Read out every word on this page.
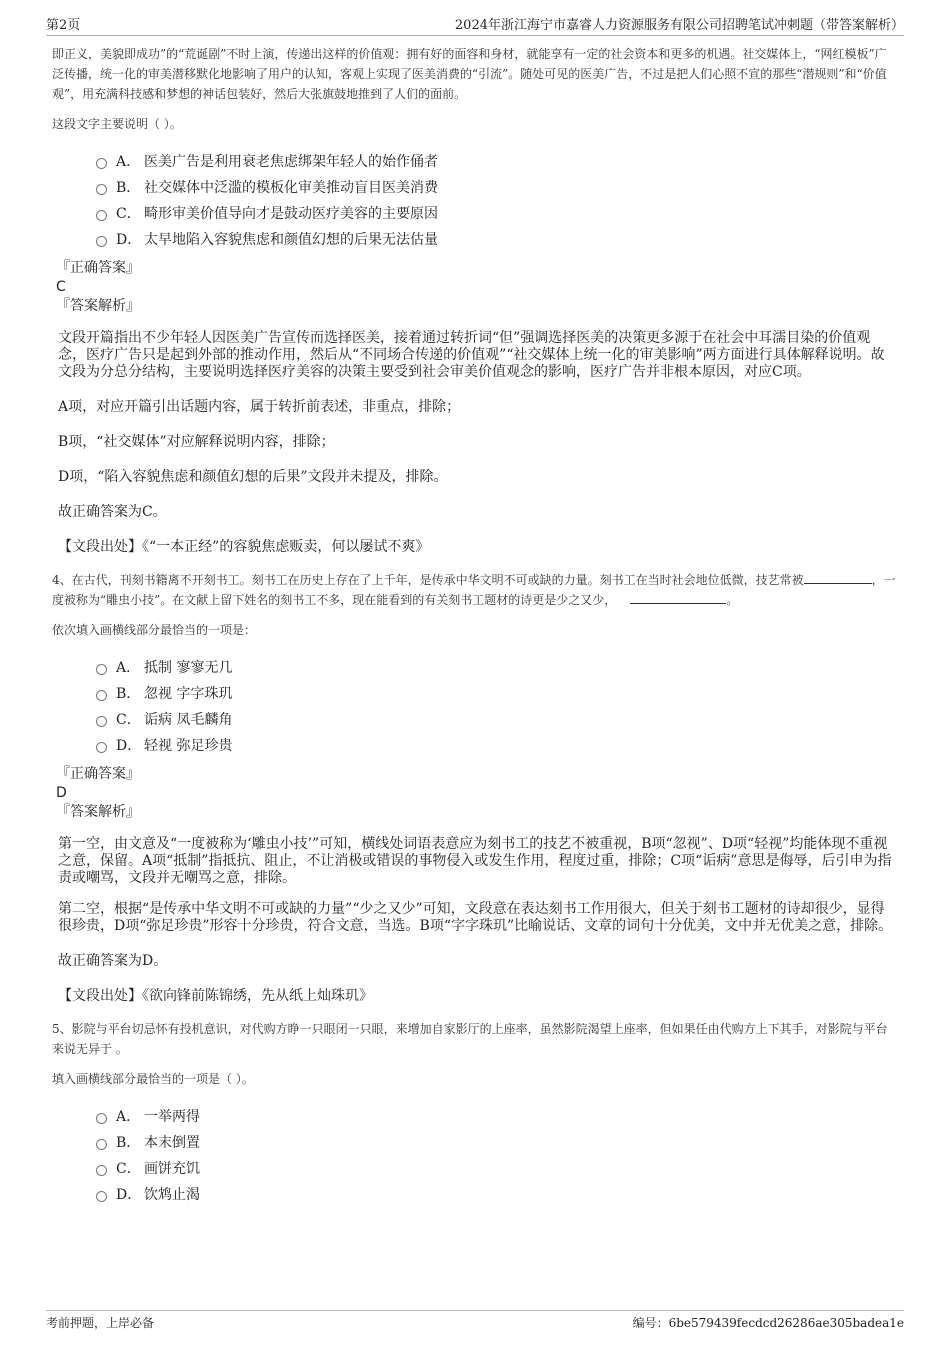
第2页	2024年浙江海宁市嘉睿人力资源服务有限公司招聘笔试冲刺题（带答案解析）

即正义，美貌即成功”的“荒诞剧”不时上演，传递出这样的价值观：拥有好的面容和身材，就能享有一定的社会资本和更多的机遇。社交媒体上，“网红模板”广泛传播，统一化的审美潜移默化地影响了用户的认知，客观上实现了医美消费的“引流”。随处可见的医美广告，不过是把人们心照不宣的那些“潜规则”和“价值观”，用充满科技感和梦想的神话包装好，然后大张旗鼓地推到了人们的面前。

这段文字主要说明（ ）。

A． 医美广告是利用衰老焦虑绑架年轻人的始作俑者
B． 社交媒体中泛滥的模板化审美推动盲目医美消费
C． 畸形审美价值导向才是鼓动医疗美容的主要原因
D． 太早地陷入容貌焦虑和颜值幻想的后果无法估量
『正确答案』
C
『答案解析』

文段开篇指出不少年轻人因医美广告宣传而选择医美，接着通过转折词“但”强调选择医美的决策更多源于在社会中耳濡目染的价值观念，医疗广告只是起到外部的推动作用，然后从“不同场合传递的价值观”“社交媒体上统一化的审美影响”两方面进行具体解释说明。故文段为分总分结构，主要说明选择医疗美容的决策主要受到社会审美价值观念的影响，医疗广告并非根本原因，对应C项。

A项，对应开篇引出话题内容，属于转折前表述，非重点，排除；

B项，“社交媒体”对应解释说明内容，排除；

D项，“陷入容貌焦虑和颜值幻想的后果”文段并未提及，排除。

故正确答案为C。

【文段出处】《“一本正经”的容貌焦虑贩卖，何以屡试不爽》

4、在古代，刊刻书籍离不开刻书工。刻书工在历史上存在了上千年，是传承中华文明不可或缺的力量。刻书工在当时社会地位低微，技艺常被	，一度被称为“雕虫小技”。在文献上留下姓名的刻书工不多，现在能看到的有关刻书工题材的诗更是少之又少，	。

依次填入画横线部分最恰当的一项是：

A． 抵制 寥寥无几
B． 忽视 字字珠玑
C． 诟病 凤毛麟角
D． 轻视 弥足珍贵
『正确答案』
D
『答案解析』

第一空，由文意及“一度被称为‘雕虫小技’”可知，横线处词语表意应为刻书工的技艺不被重视，B项“忽视”、D项“轻视”均能体现不重视之意，保留。A项“抵制”指抵抗、阻止，不让消极或错误的事物侵入或发生作用，程度过重，排除；C项“诟病”意思是侮辱，后引申为指责或嘲骂，文段并无嘲骂之意，排除。

第二空，根据“是传承中华文明不可或缺的力量”“少之又少”可知，文段意在表达刻书工作用很大，但关于刻书工题材的诗却很少，显得很珍贵，D项“弥足珍贵”形容十分珍贵，符合文意，当选。B项“字字珠玑”比喻说话、文章的词句十分优美，文中并无优美之意，排除。

故正确答案为D。

【文段出处】《欲向锋前陈锦绣，先从纸上灿珠玑》

5、影院与平台切忌怀有投机意识，对代购方睁一只眼闭一只眼，来增加自家影厅的上座率，虽然影院渴望上座率，但如果任由代购方上下其手，对影院与平台来说无异于 。

填入画横线部分最恰当的一项是（ ）。

A． 一举两得
B． 本末倒置
C． 画饼充饥
D． 饮鸩止渴
考前押题，上岸必备	编号：6be579439fecdcd26286ae305badea1e
